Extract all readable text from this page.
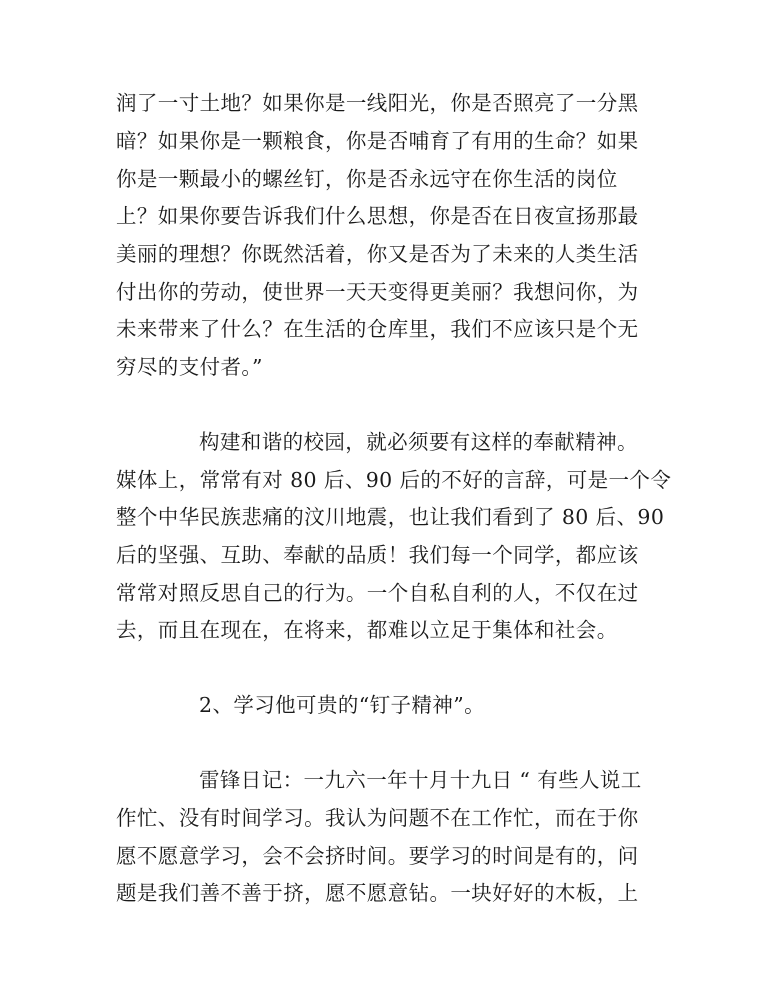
润了一寸土地？如果你是一线阳光，你是否照亮了一分黑
暗？如果你是一颗粮食，你是否哺育了有用的生命？如果
你是一颗最小的螺丝钉，你是否永远守在你生活的岗位
上？如果你要告诉我们什么思想，你是否在日夜宣扬那最
美丽的理想？你既然活着，你又是否为了未来的人类生活
付出你的劳动，使世界一天天变得更美丽？我想问你，为
未来带来了什么？在生活的仓库里，我们不应该只是个无
穷尽的支付者。”
构建和谐的校园，就必须要有这样的奉献精神。
媒体上，常常有对 80 后、90 后的不好的言辞，可是一个令
整个中华民族悲痛的汶川地震，也让我们看到了 80 后、90
后的坚强、互助、奉献的品质！我们每一个同学，都应该
常常对照反思自己的行为。一个自私自利的人，不仅在过
去，而且在现在，在将来，都难以立足于集体和社会。
2、学习他可贵的“钉子精神”。
雷锋日记：一九六一年十月十九日 “ 有些人说工
作忙、没有时间学习。我认为问题不在工作忙，而在于你
愿不愿意学习，会不会挤时间。要学习的时间是有的，问
题是我们善不善于挤，愿不愿意钻。一块好好的木板，上
